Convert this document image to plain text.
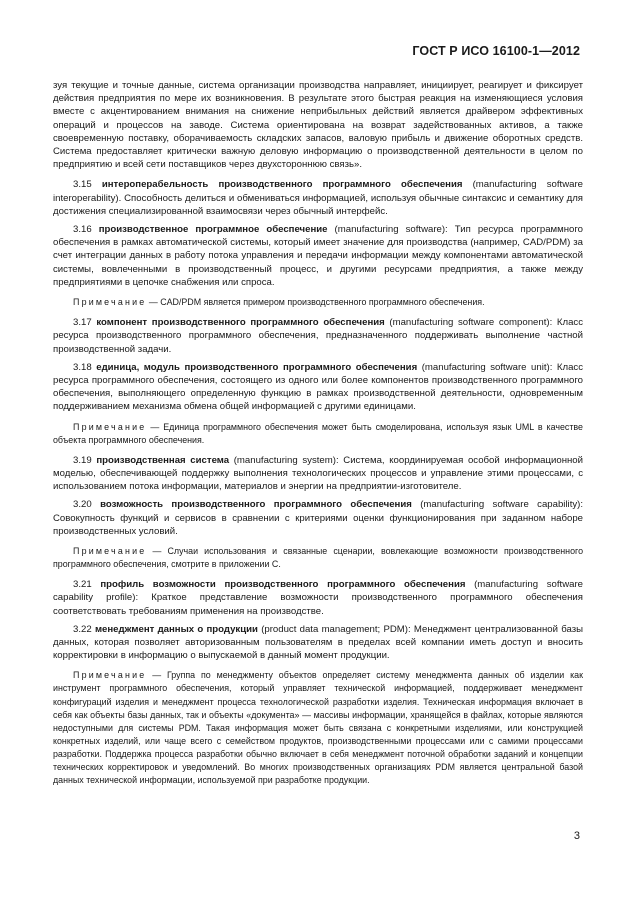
ГОСТ Р ИСО 16100-1—2012

зуя текущие и точные данные, система организации производства направляет, инициирует, реагирует и фиксирует действия предприятия по мере их возникновения. В результате этого быстрая реакция на изменяющиеся условия вместе с акцентированием внимания на снижение неприбыльных действий является драйвером эффективных операций и процессов на заводе. Система ориентирована на возврат задействованных активов, а также своевременную поставку, оборачиваемость складских запасов, валовую прибыль и движение оборотных средств. Система предоставляет критически важную деловую информацию о производственной деятельности в целом по предприятию и всей сети поставщиков через двухстороннюю связь».

3.15 интероперабельность производственного программного обеспечения (manufacturing software interoperability). Способность делиться и обмениваться информацией, используя обычные синтаксис и семантику для достижения специализированной взаимосвязи через обычный интерфейс.

3.16 производственное программное обеспечение (manufacturing software): Тип ресурса программного обеспечения в рамках автоматической системы, который имеет значение для производства (например, CAD/PDM) за счет интеграции данных в работу потока управления и передачи информации между компонентами автоматической системы, вовлеченными в производственный процесс, и другими ресурсами предприятия, а также между предприятиями в цепочке снабжения или спроса.

Примечание — CAD/PDM является примером производственного программного обеспечения.

3.17 компонент производственного программного обеспечения (manufacturing software component): Класс ресурса производственного программного обеспечения, предназначенного поддерживать выполнение частной производственной задачи.

3.18 единица, модуль производственного программного обеспечения (manufacturing software unit): Класс ресурса программного обеспечения, состоящего из одного или более компонентов производственного программного обеспечения, выполняющего определенную функцию в рамках производственной деятельности, одновременным поддерживанием механизма обмена общей информацией с другими единицами.

Примечание — Единица программного обеспечения может быть смоделирована, используя язык UML в качестве объекта программного обеспечения.

3.19 производственная система (manufacturing system): Система, координируемая особой информационной моделью, обеспечивающей поддержку выполнения технологических процессов и управление этими процессами, с использованием потока информации, материалов и энергии на предприятии-изготовителе.

3.20 возможность производственного программного обеспечения (manufacturing software capability): Совокупность функций и сервисов в сравнении с критериями оценки функционирования при заданном наборе производственных условий.

Примечание — Случаи использования и связанные сценарии, вовлекающие возможности производственного программного обеспечения, смотрите в приложении С.

3.21 профиль возможности производственного программного обеспечения (manufacturing software capability profile): Краткое представление возможности производственного программного обеспечения соответствовать требованиям применения на производстве.

3.22 менеджмент данных о продукции (product data management; PDM): Менеджмент централизованной базы данных, которая позволяет авторизованным пользователям в пределах всей компании иметь доступ и вносить корректировки в информацию о выпускаемой в данный момент продукции.

Примечание — Группа по менеджменту объектов определяет систему менеджмента данных об изделии как инструмент программного обеспечения, который управляет технической информацией, поддерживает менеджмент конфигураций изделия и менеджмент процесса технологической разработки изделия. Техническая информация включает в себя как объекты базы данных, так и объекты «документа» — массивы информации, хранящейся в файлах, которые являются недоступными для системы PDM. Такая информация может быть связана с конкретными изделиями, или конструкцией конкретных изделий, или чаще всего с семейством продуктов, производственными процессами или с самими процессами разработки. Поддержка процесса разработки обычно включает в себя менеджмент поточной обработки заданий и концепции технических корректировок и уведомлений. Во многих производственных организациях PDM является центральной базой данных технической информации, используемой при разработке продукции.

3
